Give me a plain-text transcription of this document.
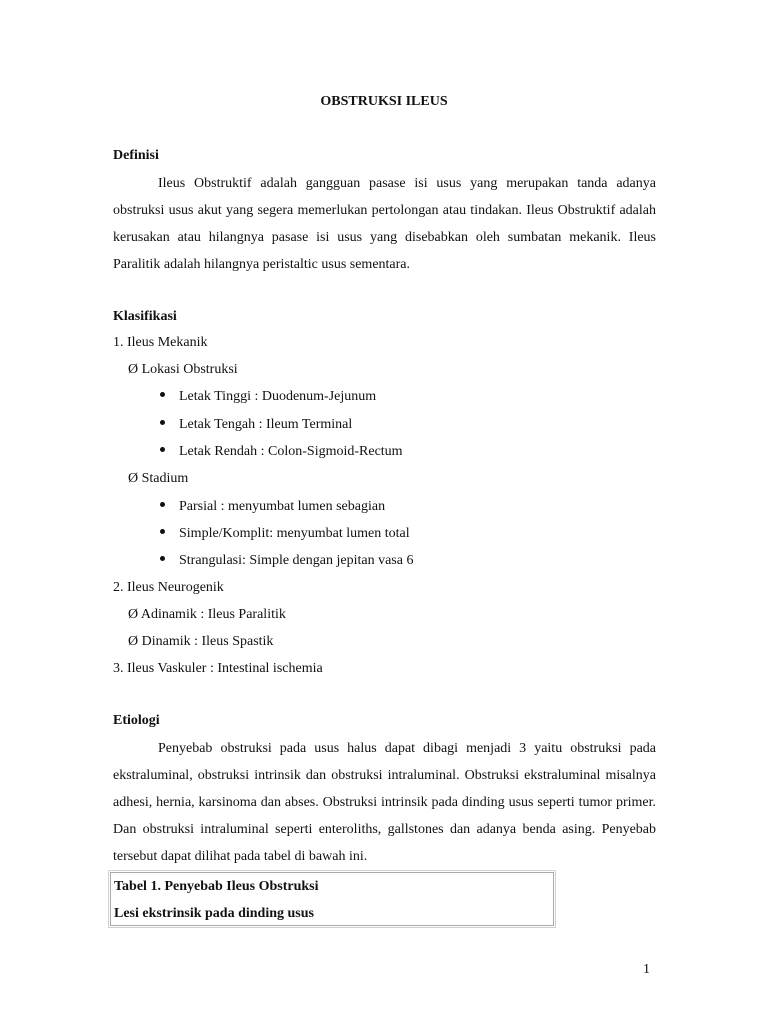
OBSTRUKSI ILEUS
Definisi
Ileus Obstruktif adalah gangguan pasase isi usus yang merupakan tanda adanya obstruksi usus akut yang segera memerlukan pertolongan atau tindakan. Ileus Obstruktif adalah kerusakan atau hilangnya pasase isi usus yang disebabkan oleh sumbatan mekanik. Ileus Paralitik adalah hilangnya peristaltic usus sementara.
Klasifikasi
1. Ileus Mekanik
Ø Lokasi Obstruksi
Letak Tinggi : Duodenum-Jejunum
Letak Tengah : Ileum Terminal
Letak Rendah : Colon-Sigmoid-Rectum
Ø Stadium
Parsial : menyumbat lumen sebagian
Simple/Komplit: menyumbat lumen total
Strangulasi: Simple dengan jepitan vasa 6
2. Ileus Neurogenik
Ø Adinamik : Ileus Paralitik
Ø Dinamik : Ileus Spastik
3. Ileus Vaskuler : Intestinal ischemia
Etiologi
Penyebab obstruksi pada usus halus dapat dibagi menjadi 3 yaitu obstruksi pada ekstraluminal, obstruksi intrinsik dan obstruksi intraluminal. Obstruksi ekstraluminal misalnya adhesi, hernia, karsinoma dan abses. Obstruksi intrinsik pada dinding usus seperti tumor primer. Dan obstruksi intraluminal seperti enteroliths, gallstones dan adanya benda asing. Penyebab tersebut dapat dilihat pada tabel di bawah ini.
Tabel 1. Penyebab Ileus Obstruksi
Lesi ekstrinsik pada dinding usus
1
